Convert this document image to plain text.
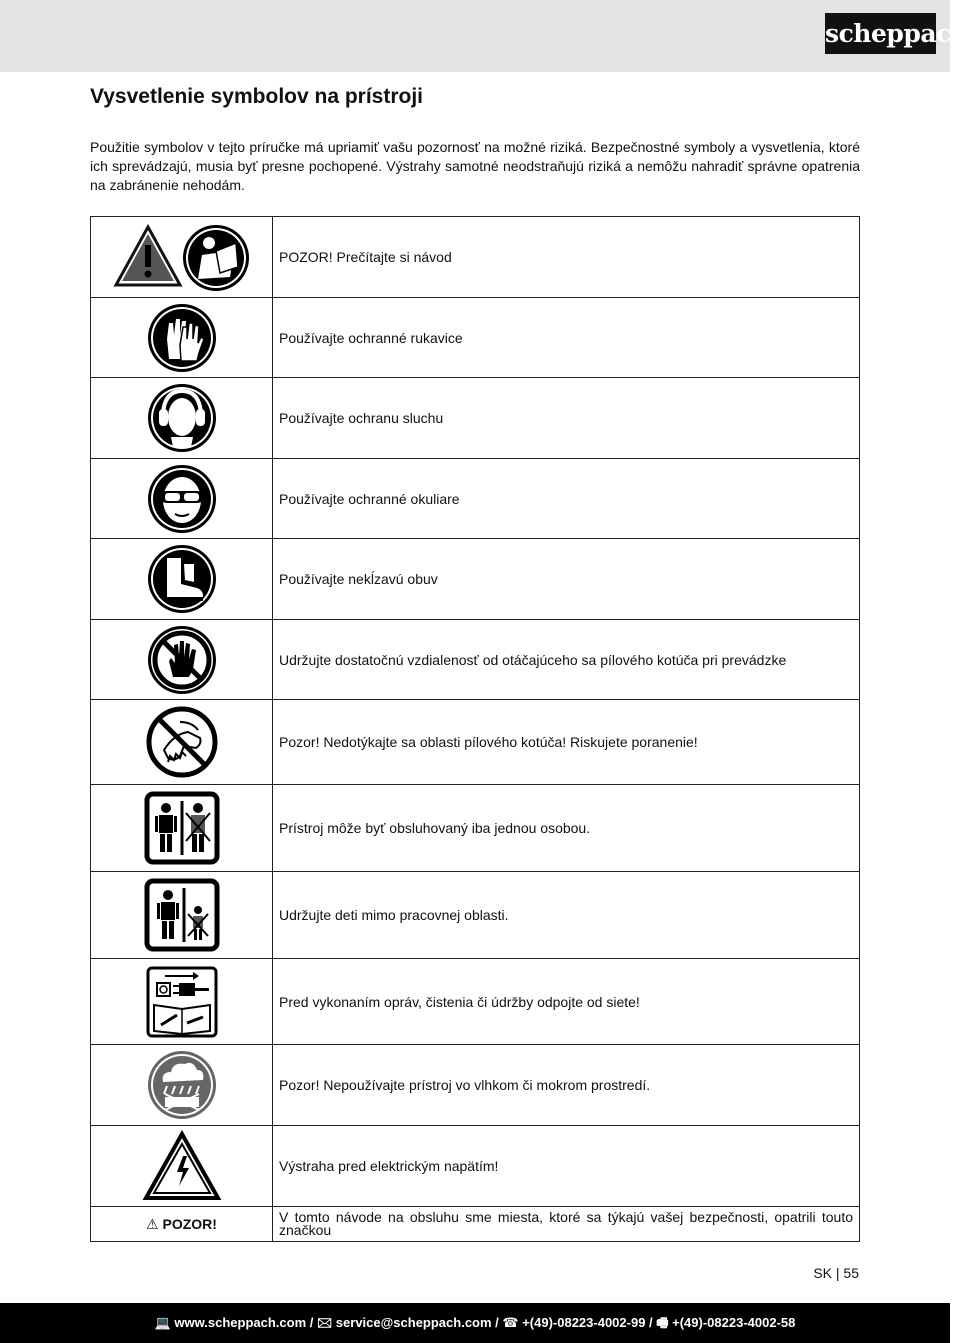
scheppach
Vysvetlenie symbolov na prístroji

Použitie symbolov v tejto príručke má upriamiť vašu pozornosť na možné riziká. Bezpečnostné symboly a vysvetlenia, ktoré ich sprevádzajú, musia byť presne pochopené. Výstrahy samotné neodstraňujú riziká a nemôžu nahradiť správne opatrenia na zabránenie nehodám.

	POZOR! Prečítajte si návod

	Používajte ochranné rukavice

	Používajte ochranu sluchu

	Používajte ochranné okuliare

	Používajte nekĺzavú obuv

	Udržujte dostatočnú vzdialenosť od otáčajúceho sa pílového kotúča pri prevádzke

	Pozor! Nedotýkajte sa oblasti pílového kotúča! Riskujete poranenie!

	Prístroj môže byť obsluhovaný iba jednou osobou.

	Udržujte deti mimo pracovnej oblasti.

	Pred vykonaním opráv, čistenia či údržby odpojte od siete!

	Pozor! Nepoužívajte prístroj vo vlhkom či mokrom prostredí.

	Výstraha pred elektrickým napätím!
⚠ POZOR!	V tomto návode na obsluhu sme miesta, ktoré sa týkajú vašej bezpečnosti, opatrili touto značkou
SK | 55
💻 www.scheppach.com / 🖂 service@scheppach.com / ☎ +(49)-08223-4002-99 / 🖷 +(49)-08223-4002-58
